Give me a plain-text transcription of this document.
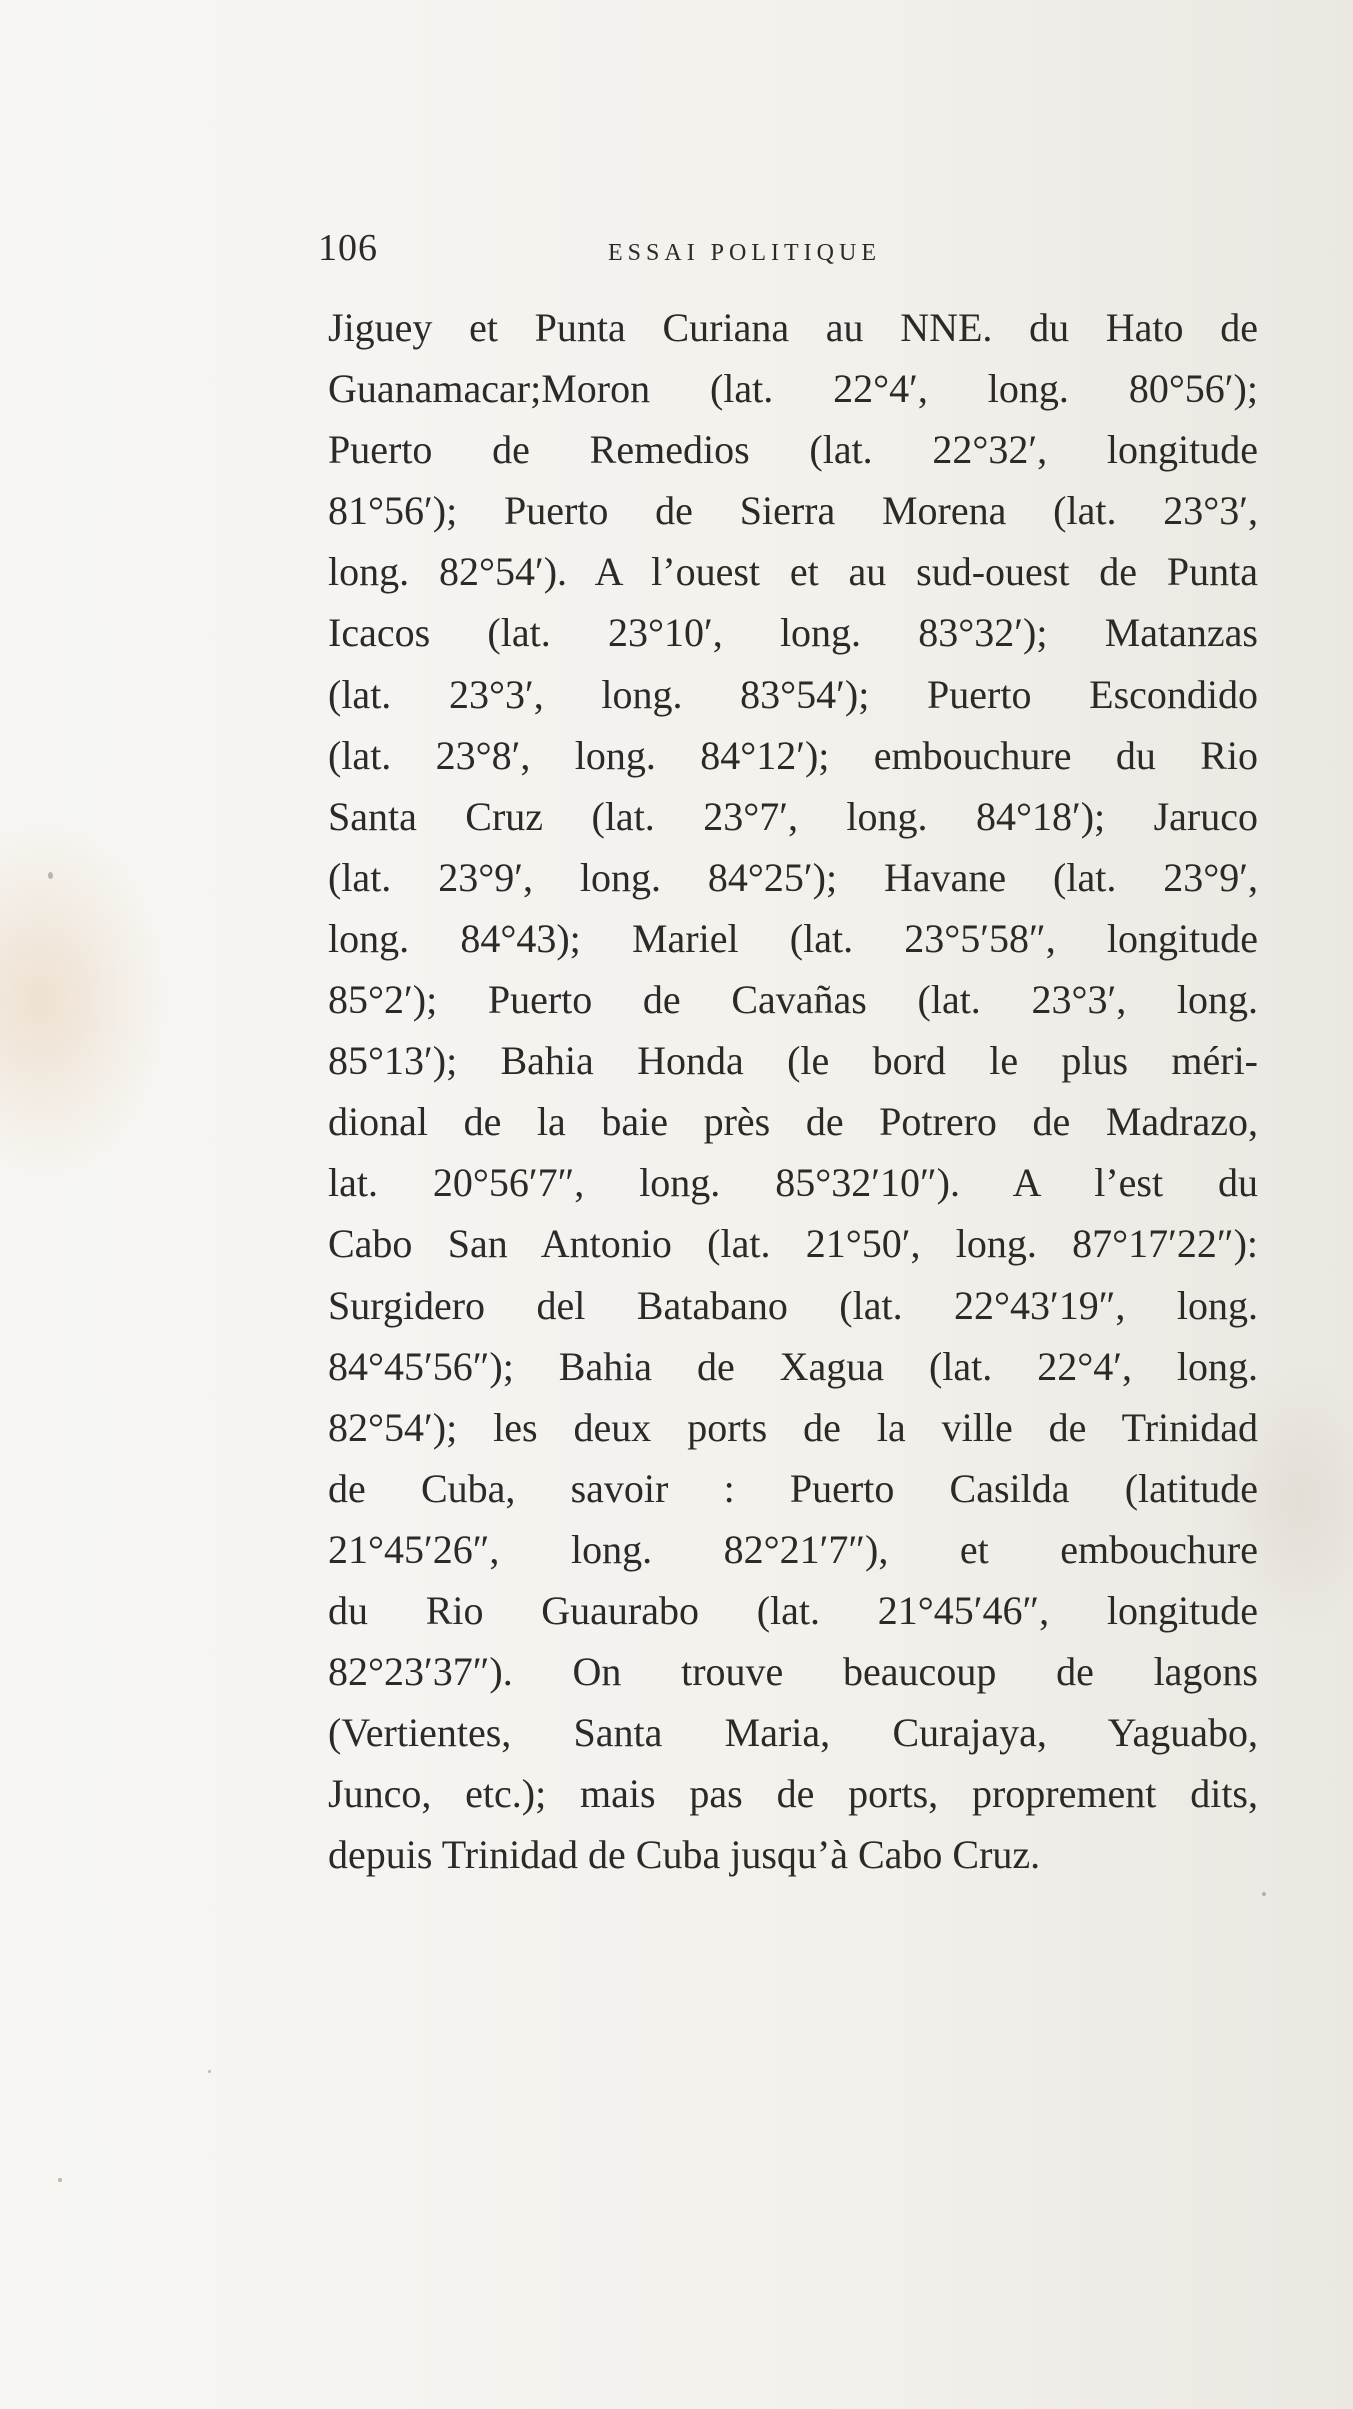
106	ESSAI POLITIQUE
Jiguey et Punta Curiana au NNE. du Hato de
Guanamacar;Moron (lat. 22°4′, long. 80°56′);
Puerto de Remedios (lat. 22°32′, longitude
81°56′); Puerto de Sierra Morena (lat. 23°3′,
long. 82°54′). A l’ouest et au sud-ouest de Punta
Icacos (lat. 23°10′, long. 83°32′); Matanzas
(lat. 23°3′, long. 83°54′); Puerto Escondido
(lat. 23°8′, long. 84°12′); embouchure du Rio
Santa Cruz (lat. 23°7′, long. 84°18′); Jaruco
(lat. 23°9′, long. 84°25′); Havane (lat. 23°9′,
long. 84°43); Mariel (lat. 23°5′58″, longitude
85°2′); Puerto de Cavañas (lat. 23°3′, long.
85°13′); Bahia Honda (le bord le plus méri-
dional de la baie près de Potrero de Madrazo,
lat. 20°56′7″, long. 85°32′10″). A l’est du
Cabo San Antonio (lat. 21°50′, long. 87°17′22″):
Surgidero del Batabano (lat. 22°43′19″, long.
84°45′56″); Bahia de Xagua (lat. 22°4′, long.
82°54′); les deux ports de la ville de Trinidad
de Cuba, savoir : Puerto Casilda (latitude
21°45′26″, long. 82°21′7″), et embouchure
du Rio Guaurabo (lat. 21°45′46″, longitude
82°23′37″). On trouve beaucoup de lagons
(Vertientes, Santa Maria, Curajaya, Yaguabo,
Junco, etc.); mais pas de ports, proprement dits,
depuis Trinidad de Cuba jusqu’à Cabo Cruz.
